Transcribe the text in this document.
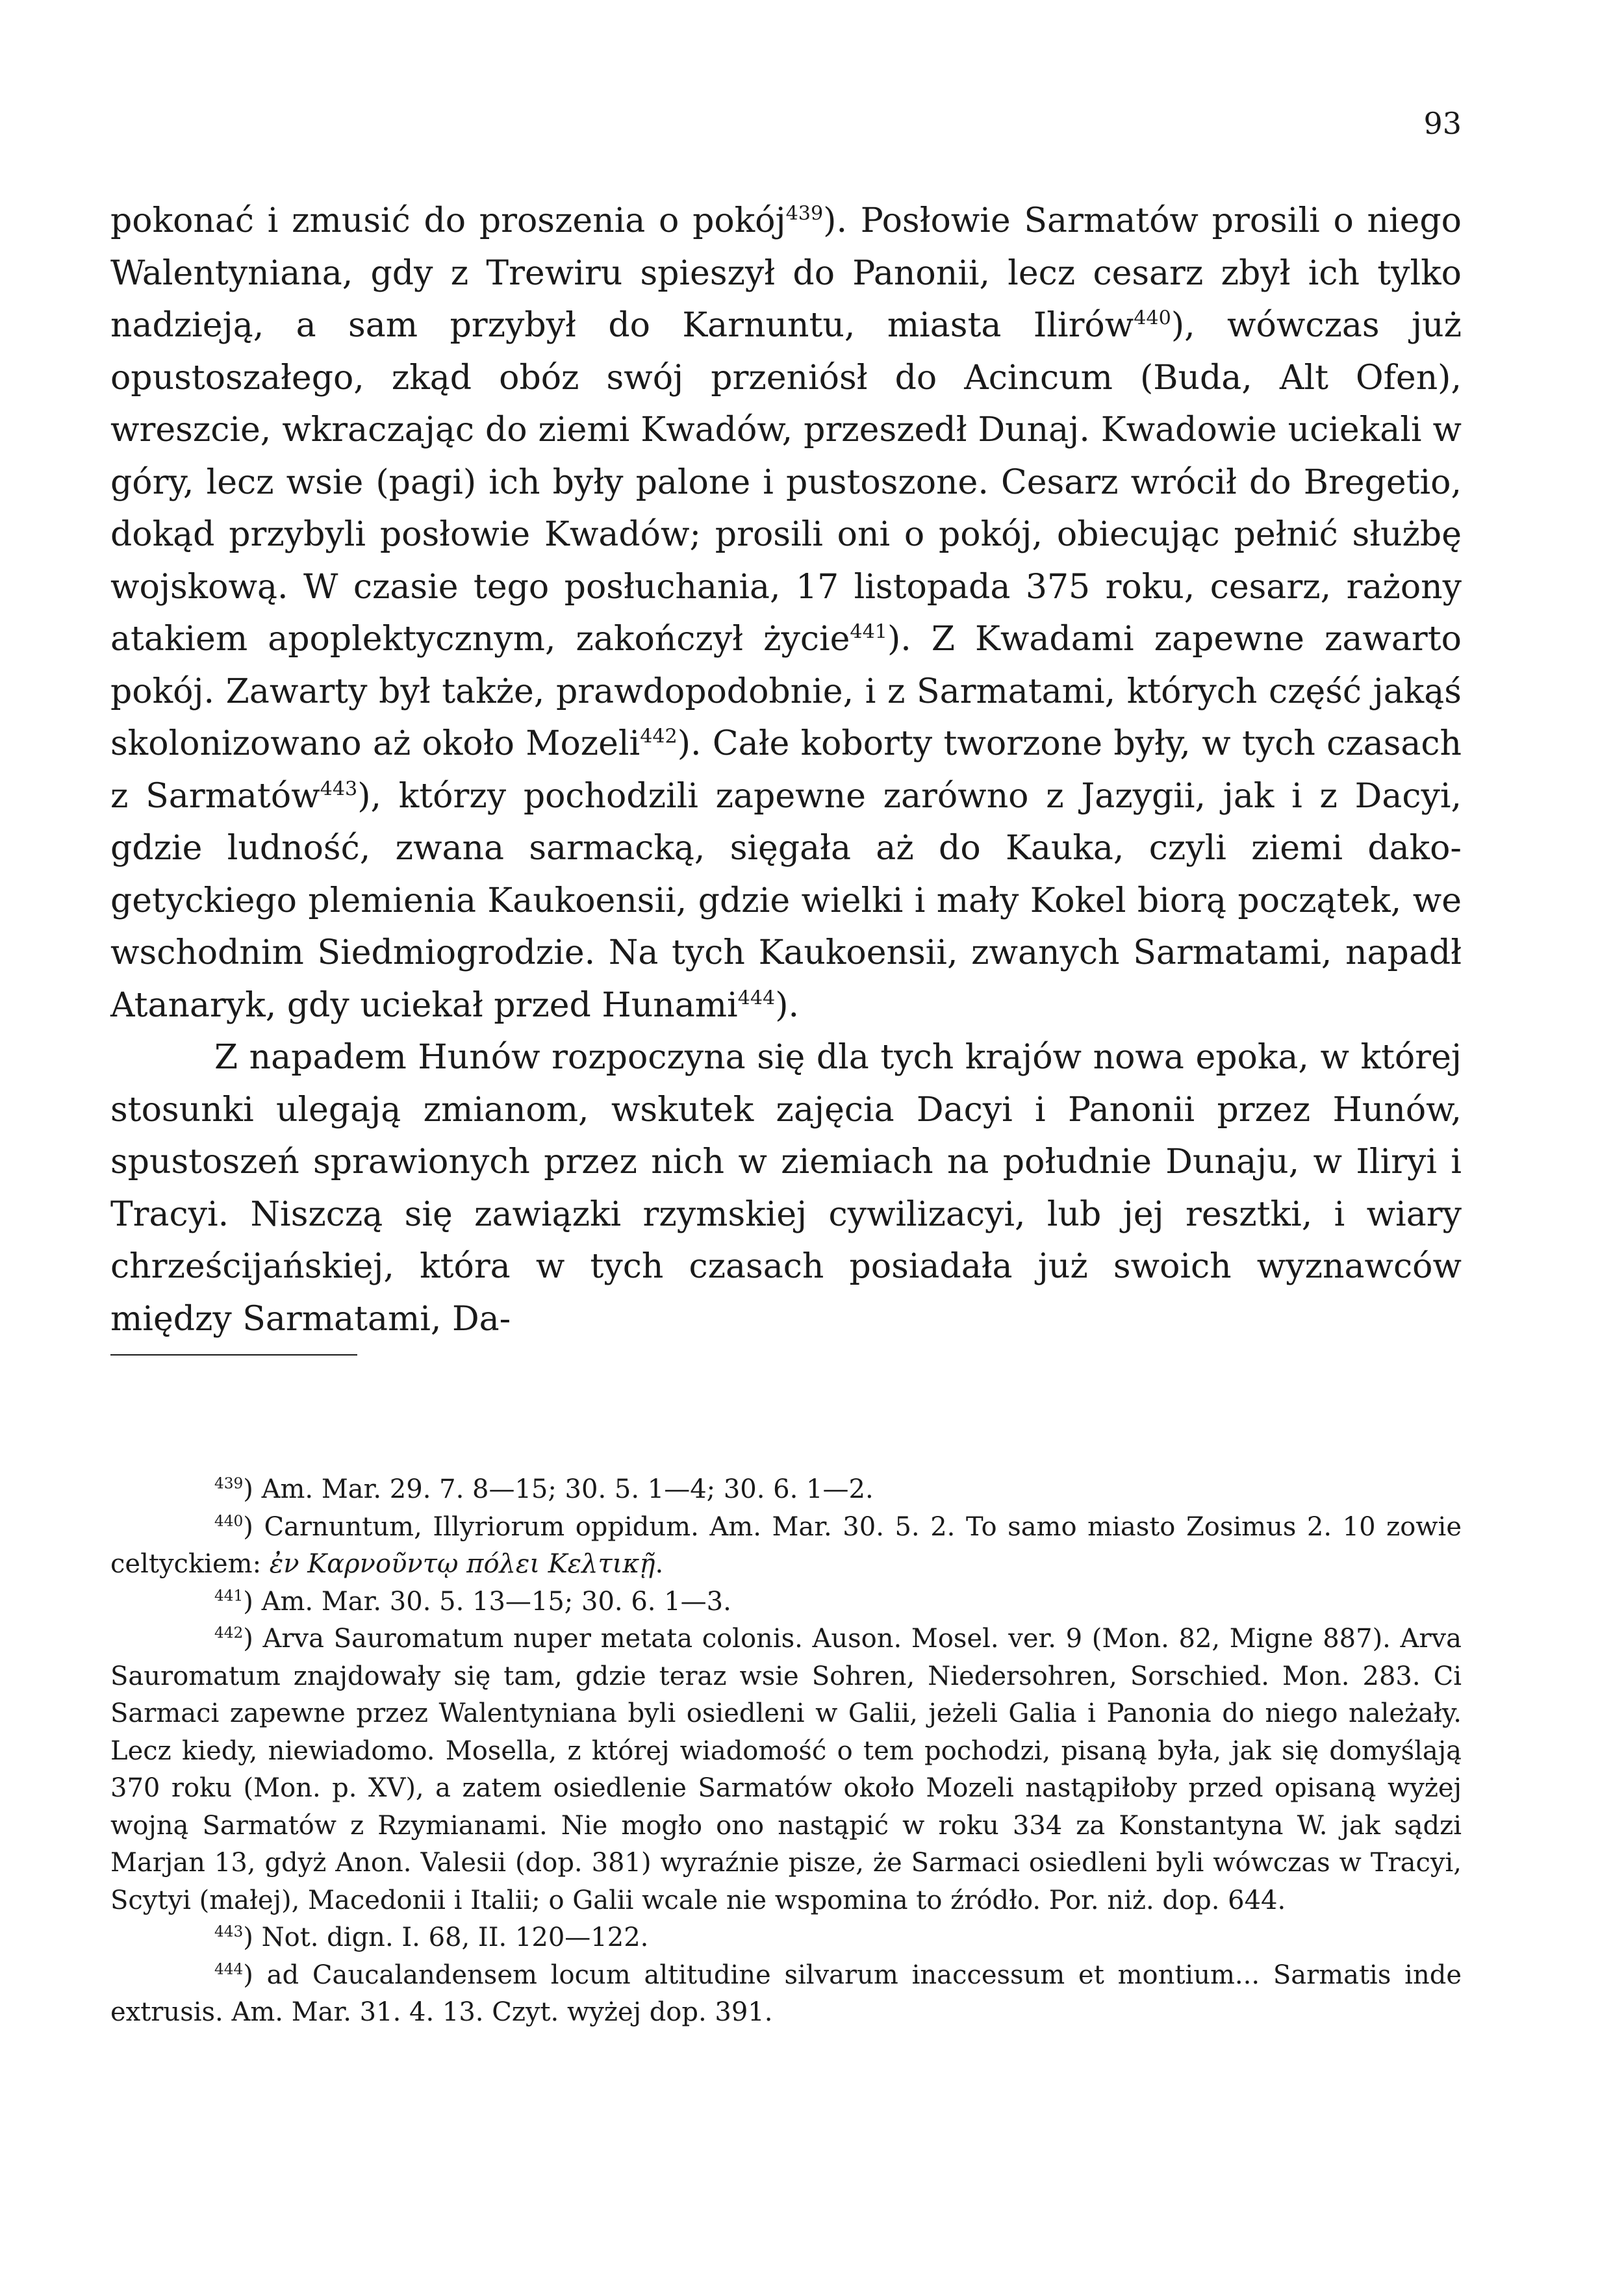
93

pokonać i zmusić do proszenia o pokój$^{439}$). Posłowie Sarmatów prosili o niego Walentyniana, gdy z Trewiru spieszył do Panonii, lecz cesarz zbył ich tylko nadzieją, a sam przybył do Karnuntu, miasta Ilirów$^{440}$), wówczas już opustoszałego, zkąd obóz swój przeniósł do Acincum (Buda, Alt Ofen), wreszcie, wkraczając do ziemi Kwadów, przeszedł Dunaj. Kwadowie uciekali w góry, lecz wsie (pagi) ich były palone i pustoszone. Cesarz wrócił do Bregetio, dokąd przybyli posłowie Kwadów; prosili oni o pokój, obiecując pełnić służbę wojskową. W czasie tego posłuchania, 17 listopada 375 roku, cesarz, rażony atakiem apoplektycznym, zakończył życie$^{441}$). Z Kwadami zapewne zawarto pokój. Zawarty był także, prawdopodobnie, i z Sarmatami, których część jakąś skolonizowano aż około Mozeli$^{442}$). Całe koborty tworzone były, w tych czasach z Sarmatów$^{443}$), którzy pochodzili zapewne zarówno z Jazygii, jak i z Dacyi, gdzie ludność, zwana sarmacką, sięgała aż do Kauka, czyli ziemi dako-getyckiego plemienia Kaukoensii, gdzie wielki i mały Kokel biorą początek, we wschodnim Siedmiogrodzie. Na tych Kaukoensii, zwanych Sarmatami, napadł Atanaryk, gdy uciekał przed Hunami$^{444}$).

Z napadem Hunów rozpoczyna się dla tych krajów nowa epoka, w której stosunki ulegają zmianom, wskutek zajęcia Dacyi i Panonii przez Hunów, spustoszeń sprawionych przez nich w ziemiach na południe Dunaju, w Iliryi i Tracyi. Niszczą się zawiązki rzymskiej cywilizacyi, lub jej resztki, i wiary chrześcijańskiej, która w tych czasach posiadała już swoich wyznawców między Sarmatami, Da-

$^{439}$) Am. Mar. 29. 7. 8—15; 30. 5. 1—4; 30. 6. 1—2.

$^{440}$) Carnuntum, Illyriorum oppidum. Am. Mar. 30. 5. 2. To samo miasto Zosimus 2. 10 zowie celtyckiem: ἐν Καρνοῦντῳ πόλει Κελτικῇ.

$^{441}$) Am. Mar. 30. 5. 13—15; 30. 6. 1—3.

$^{442}$) Arva Sauromatum nuper metata colonis. Auson. Mosel. ver. 9 (Mon. 82, Migne 887). Arva Sauromatum znajdowały się tam, gdzie teraz wsie Sohren, Niedersohren, Sorschied. Mon. 283. Ci Sarmaci zapewne przez Walentyniana byli osiedleni w Galii, jeżeli Galia i Panonia do niego należały. Lecz kiedy, niewiadomo. Mosella, z której wiadomość o tem pochodzi, pisaną była, jak się domyślają 370 roku (Mon. p. XV), a zatem osiedlenie Sarmatów około Mozeli nastąpiłoby przed opisaną wyżej wojną Sarmatów z Rzymianami. Nie mogło ono nastąpić w roku 334 za Konstantyna W. jak sądzi Marjan 13, gdyż Anon. Valesii (dop. 381) wyraźnie pisze, że Sarmaci osiedleni byli wówczas w Tracyi, Scytyi (małej), Macedonii i Italii; o Galii wcale nie wspomina to źródło. Por. niż. dop. 644.

$^{443}$) Not. dign. I. 68, II. 120—122.

$^{444}$) ad Caucalandensem locum altitudine silvarum inaccessum et montium... Sarmatis inde extrusis. Am. Mar. 31. 4. 13. Czyt. wyżej dop. 391.
